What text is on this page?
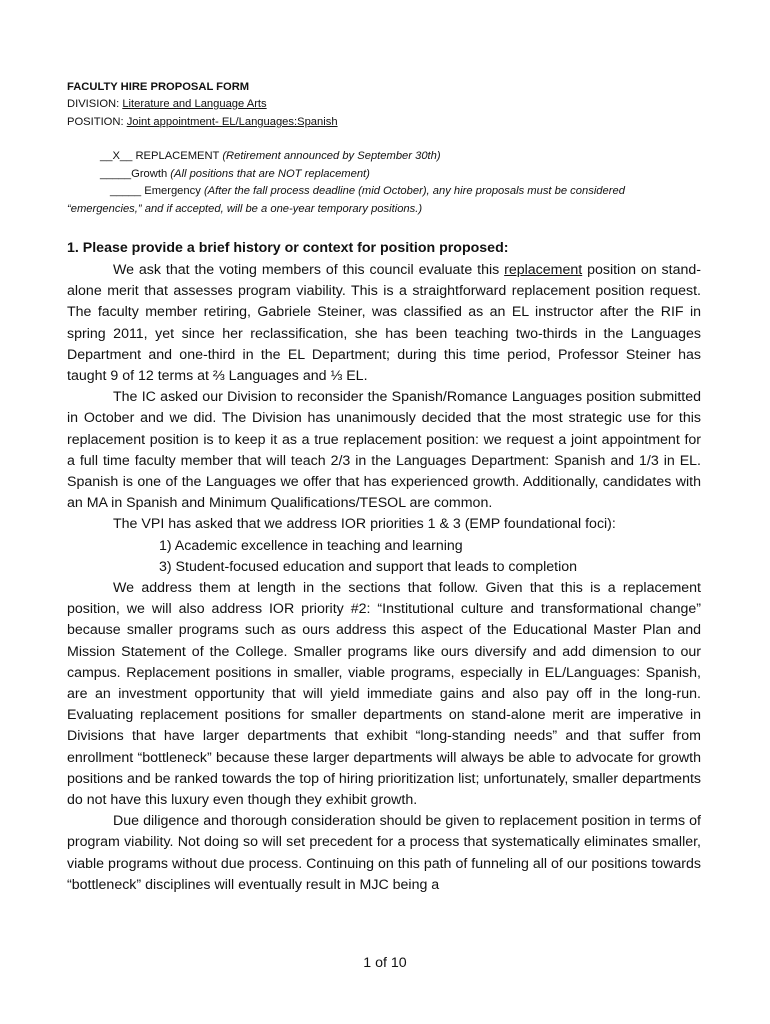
FACULTY HIRE PROPOSAL FORM
DIVISION: Literature and Language Arts
POSITION: Joint appointment- EL/Languages:Spanish
__X__ REPLACEMENT (Retirement announced by September 30th)
_____Growth (All positions that are NOT replacement)
_____ Emergency (After the fall process deadline (mid October), any hire proposals must be considered
“emergencies,” and if accepted, will be a one-year temporary positions.)
1. Please provide a brief history or context for position proposed:

We ask that the voting members of this council evaluate this replacement position on stand-alone merit that assesses program viability. This is a straightforward replacement position request. The faculty member retiring, Gabriele Steiner, was classified as an EL instructor after the RIF in spring 2011, yet since her reclassification, she has been teaching two-thirds in the Languages Department and one-third in the EL Department; during this time period, Professor Steiner has taught 9 of 12 terms at ⅔ Languages and ⅓ EL.

The IC asked our Division to reconsider the Spanish/Romance Languages position submitted in October and we did. The Division has unanimously decided that the most strategic use for this replacement position is to keep it as a true replacement position: we request a joint appointment for a full time faculty member that will teach 2/3 in the Languages Department: Spanish and 1/3 in EL. Spanish is one of the Languages we offer that has experienced growth. Additionally, candidates with an MA in Spanish and Minimum Qualifications/TESOL are common.

The VPI has asked that we address IOR priorities 1 & 3 (EMP foundational foci):

1) Academic excellence in teaching and learning

3) Student-focused education and support that leads to completion

We address them at length in the sections that follow. Given that this is a replacement position, we will also address IOR priority #2: “Institutional culture and transformational change” because smaller programs such as ours address this aspect of the Educational Master Plan and Mission Statement of the College. Smaller programs like ours diversify and add dimension to our campus. Replacement positions in smaller, viable programs, especially in EL/Languages: Spanish, are an investment opportunity that will yield immediate gains and also pay off in the long-run. Evaluating replacement positions for smaller departments on stand-alone merit are imperative in Divisions that have larger departments that exhibit “long-standing needs” and that suffer from enrollment “bottleneck” because these larger departments will always be able to advocate for growth positions and be ranked towards the top of hiring prioritization list; unfortunately, smaller departments do not have this luxury even though they exhibit growth.

Due diligence and thorough consideration should be given to replacement position in terms of program viability. Not doing so will set precedent for a process that systematically eliminates smaller, viable programs without due process. Continuing on this path of funneling all of our positions towards “bottleneck” disciplines will eventually result in MJC being a

1 of 10
